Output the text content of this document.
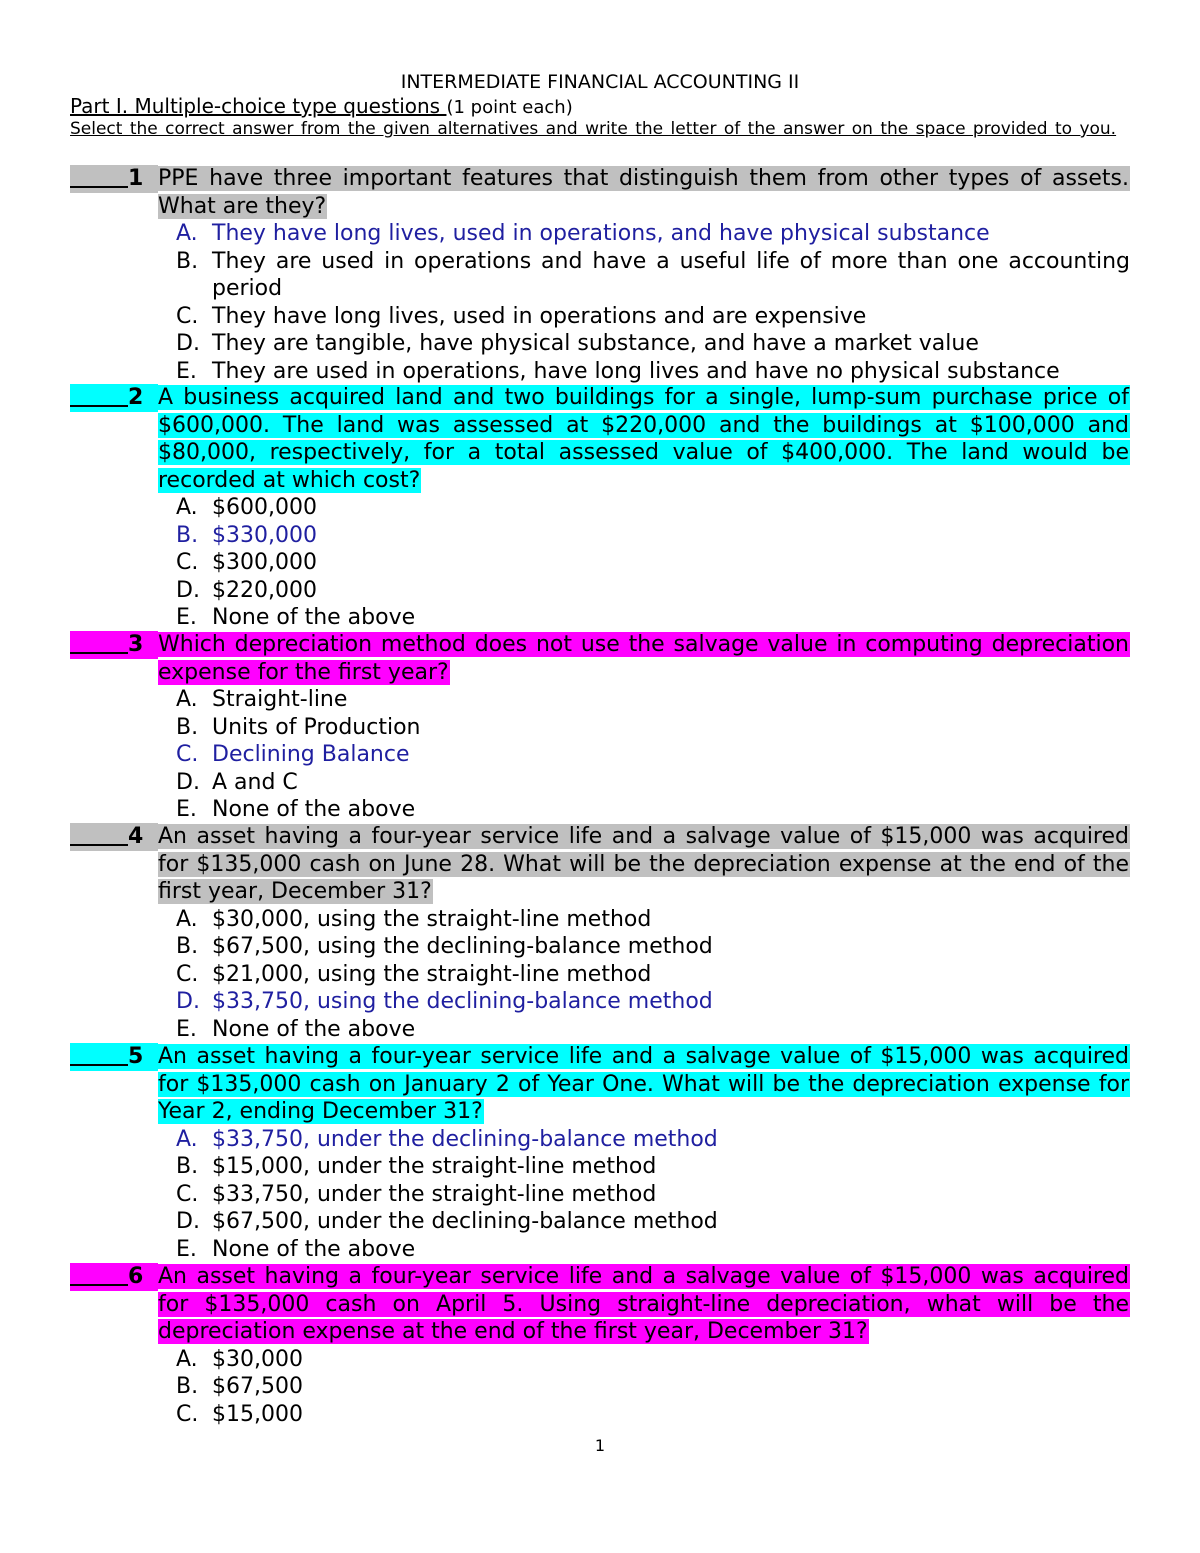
INTERMEDIATE FINANCIAL ACCOUNTING II
Part I. Multiple-choice type questions (1 point each)
Select the correct answer from the given alternatives and write the letter of the answer on the space provided to you.
1 PPE have three important features that distinguish them from other types of assets. What are they?
A. They have long lives, used in operations, and have physical substance
B. They are used in operations and have a useful life of more than one accounting period
C. They have long lives, used in operations and are expensive
D. They are tangible, have physical substance, and have a market value
E. They are used in operations, have long lives and have no physical substance
2 A business acquired land and two buildings for a single, lump-sum purchase price of $600,000. The land was assessed at $220,000 and the buildings at $100,000 and $80,000, respectively, for a total assessed value of $400,000. The land would be recorded at which cost?
A. $600,000
B. $330,000
C. $300,000
D. $220,000
E. None of the above
3 Which depreciation method does not use the salvage value in computing depreciation expense for the first year?
A. Straight-line
B. Units of Production
C. Declining Balance
D. A and C
E. None of the above
4 An asset having a four-year service life and a salvage value of $15,000 was acquired for $135,000 cash on June 28. What will be the depreciation expense at the end of the first year, December 31?
A. $30,000, using the straight-line method
B. $67,500, using the declining-balance method
C. $21,000, using the straight-line method
D. $33,750, using the declining-balance method
E. None of the above
5 An asset having a four-year service life and a salvage value of $15,000 was acquired for $135,000 cash on January 2 of Year One. What will be the depreciation expense for Year 2, ending December 31?
A. $33,750, under the declining-balance method
B. $15,000, under the straight-line method
C. $33,750, under the straight-line method
D. $67,500, under the declining-balance method
E. None of the above
6 An asset having a four-year service life and a salvage value of $15,000 was acquired for $135,000 cash on April 5. Using straight-line depreciation, what will be the depreciation expense at the end of the first year, December 31?
A. $30,000
B. $67,500
C. $15,000
1
